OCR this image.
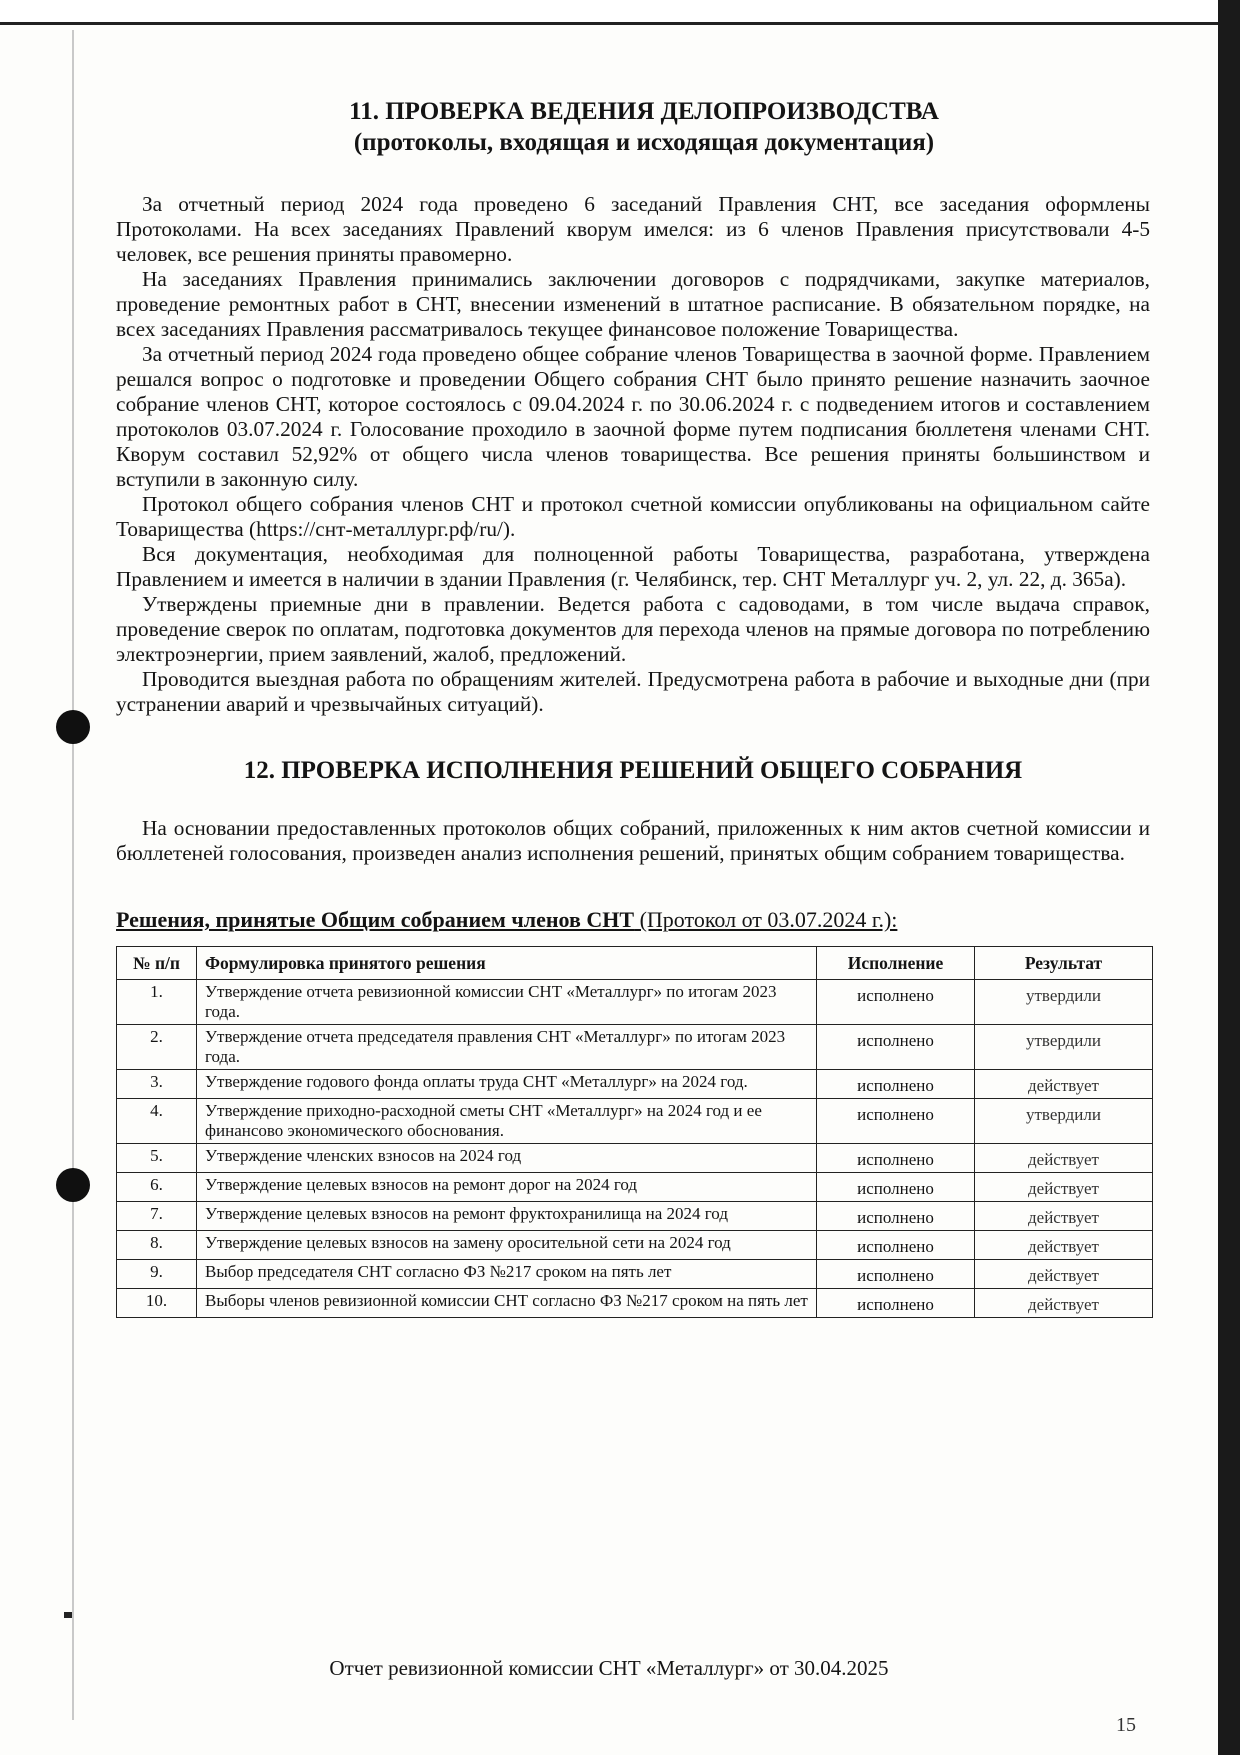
11. ПРОВЕРКА ВЕДЕНИЯ ДЕЛОПРОИЗВОДСТВА
(протоколы, входящая и исходящая документация)

За отчетный период 2024 года проведено 6 заседаний Правления СНТ, все заседания оформлены Протоколами. На всех заседаниях Правлений кворум имелся: из 6 членов Правления присутствовали 4-5 человек, все решения приняты правомерно.

На заседаниях Правления принимались заключении договоров с подрядчиками, закупке материалов, проведение ремонтных работ в СНТ, внесении изменений в штатное расписание. В обязательном порядке, на всех заседаниях Правления рассматривалось текущее финансовое положение Товарищества.

За отчетный период 2024 года проведено общее собрание членов Товарищества в заочной форме. Правлением решался вопрос о подготовке и проведении Общего собрания СНТ было принято решение назначить заочное собрание членов СНТ, которое состоялось с 09.04.2024 г. по 30.06.2024 г. с подведением итогов и составлением протоколов 03.07.2024 г. Голосование проходило в заочной форме путем подписания бюллетеня членами СНТ. Кворум составил 52,92% от общего числа членов товарищества. Все решения приняты большинством и вступили в законную силу.

Протокол общего собрания членов СНТ и протокол счетной комиссии опубликованы на официальном сайте Товарищества (https://снт-металлург.рф/ru/).

Вся документация, необходимая для полноценной работы Товарищества, разработана, утверждена Правлением и имеется в наличии в здании Правления (г. Челябинск, тер. СНТ Металлург уч. 2, ул. 22, д. 365а).

Утверждены приемные дни в правлении. Ведется работа с садоводами, в том числе выдача справок, проведение сверок по оплатам, подготовка документов для перехода членов на прямые договора по потреблению электроэнергии, прием заявлений, жалоб, предложений.

Проводится выездная работа по обращениям жителей. Предусмотрена работа в рабочие и выходные дни (при устранении аварий и чрезвычайных ситуаций).

12. ПРОВЕРКА ИСПОЛНЕНИЯ РЕШЕНИЙ ОБЩЕГО СОБРАНИЯ

На основании предоставленных протоколов общих собраний, приложенных к ним актов счетной комиссии и бюллетеней голосования, произведен анализ исполнения решений, принятых общим собранием товарищества.

Решения, принятые Общим собранием членов СНТ (Протокол от 03.07.2024 г.):
№ п/п	Формулировка принятого решения	Исполнение	Результат
1.	Утверждение отчета ревизионной комиссии СНТ «Металлург» по итогам 2023 года.	исполнено	утвердили
2.	Утверждение отчета председателя правления СНТ «Металлург» по итогам 2023 года.	исполнено	утвердили
3.	Утверждение годового фонда оплаты труда СНТ «Металлург» на 2024 год.	исполнено	действует
4.	Утверждение приходно-расходной сметы СНТ «Металлург» на 2024 год и ее финансово экономического обоснования.	исполнено	утвердили
5.	Утверждение членских взносов на 2024 год	исполнено	действует
6.	Утверждение целевых взносов на ремонт дорог на 2024 год	исполнено	действует
7.	Утверждение целевых взносов на ремонт фруктохранилища на 2024 год	исполнено	действует
8.	Утверждение целевых взносов на замену оросительной сети на 2024 год	исполнено	действует
9.	Выбор председателя СНТ согласно ФЗ №217 сроком на пять лет	исполнено	действует
10.	Выборы членов ревизионной комиссии СНТ согласно ФЗ №217 сроком на пять лет	исполнено	действует
Отчет ревизионной комиссии СНТ «Металлург» от 30.04.2025
15
